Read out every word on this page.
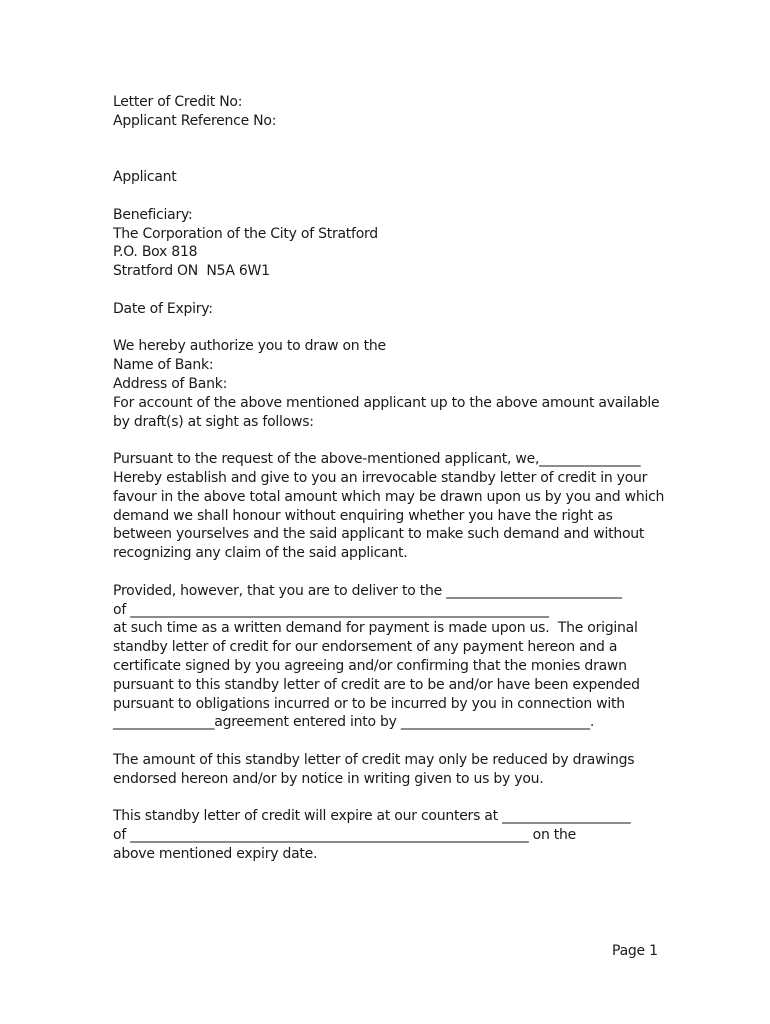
Letter of Credit No:
Applicant Reference No:
Applicant
Beneficiary:
The Corporation of the City of Stratford
P.O. Box 818
Stratford ON  N5A 6W1
Date of Expiry:
We hereby authorize you to draw on the
Name of Bank:
Address of Bank:
For account of the above mentioned applicant up to the above amount available
by draft(s) at sight as follows:
Pursuant to the request of the above-mentioned applicant, we,_______________
Hereby establish and give to you an irrevocable standby letter of credit in your
favour in the above total amount which may be drawn upon us by you and which
demand we shall honour without enquiring whether you have the right as
between yourselves and the said applicant to make such demand and without
recognizing any claim of the said applicant.
Provided, however, that you are to deliver to the __________________________
of ______________________________________________________________
at such time as a written demand for payment is made upon us.  The original
standby letter of credit for our endorsement of any payment hereon and a
certificate signed by you agreeing and/or confirming that the monies drawn
pursuant to this standby letter of credit are to be and/or have been expended
pursuant to obligations incurred or to be incurred by you in connection with
_______________agreement entered into by ____________________________.
The amount of this standby letter of credit may only be reduced by drawings
endorsed hereon and/or by notice in writing given to us by you.
This standby letter of credit will expire at our counters at ___________________
of ___________________________________________________________ on the
above mentioned expiry date.
Page 1
